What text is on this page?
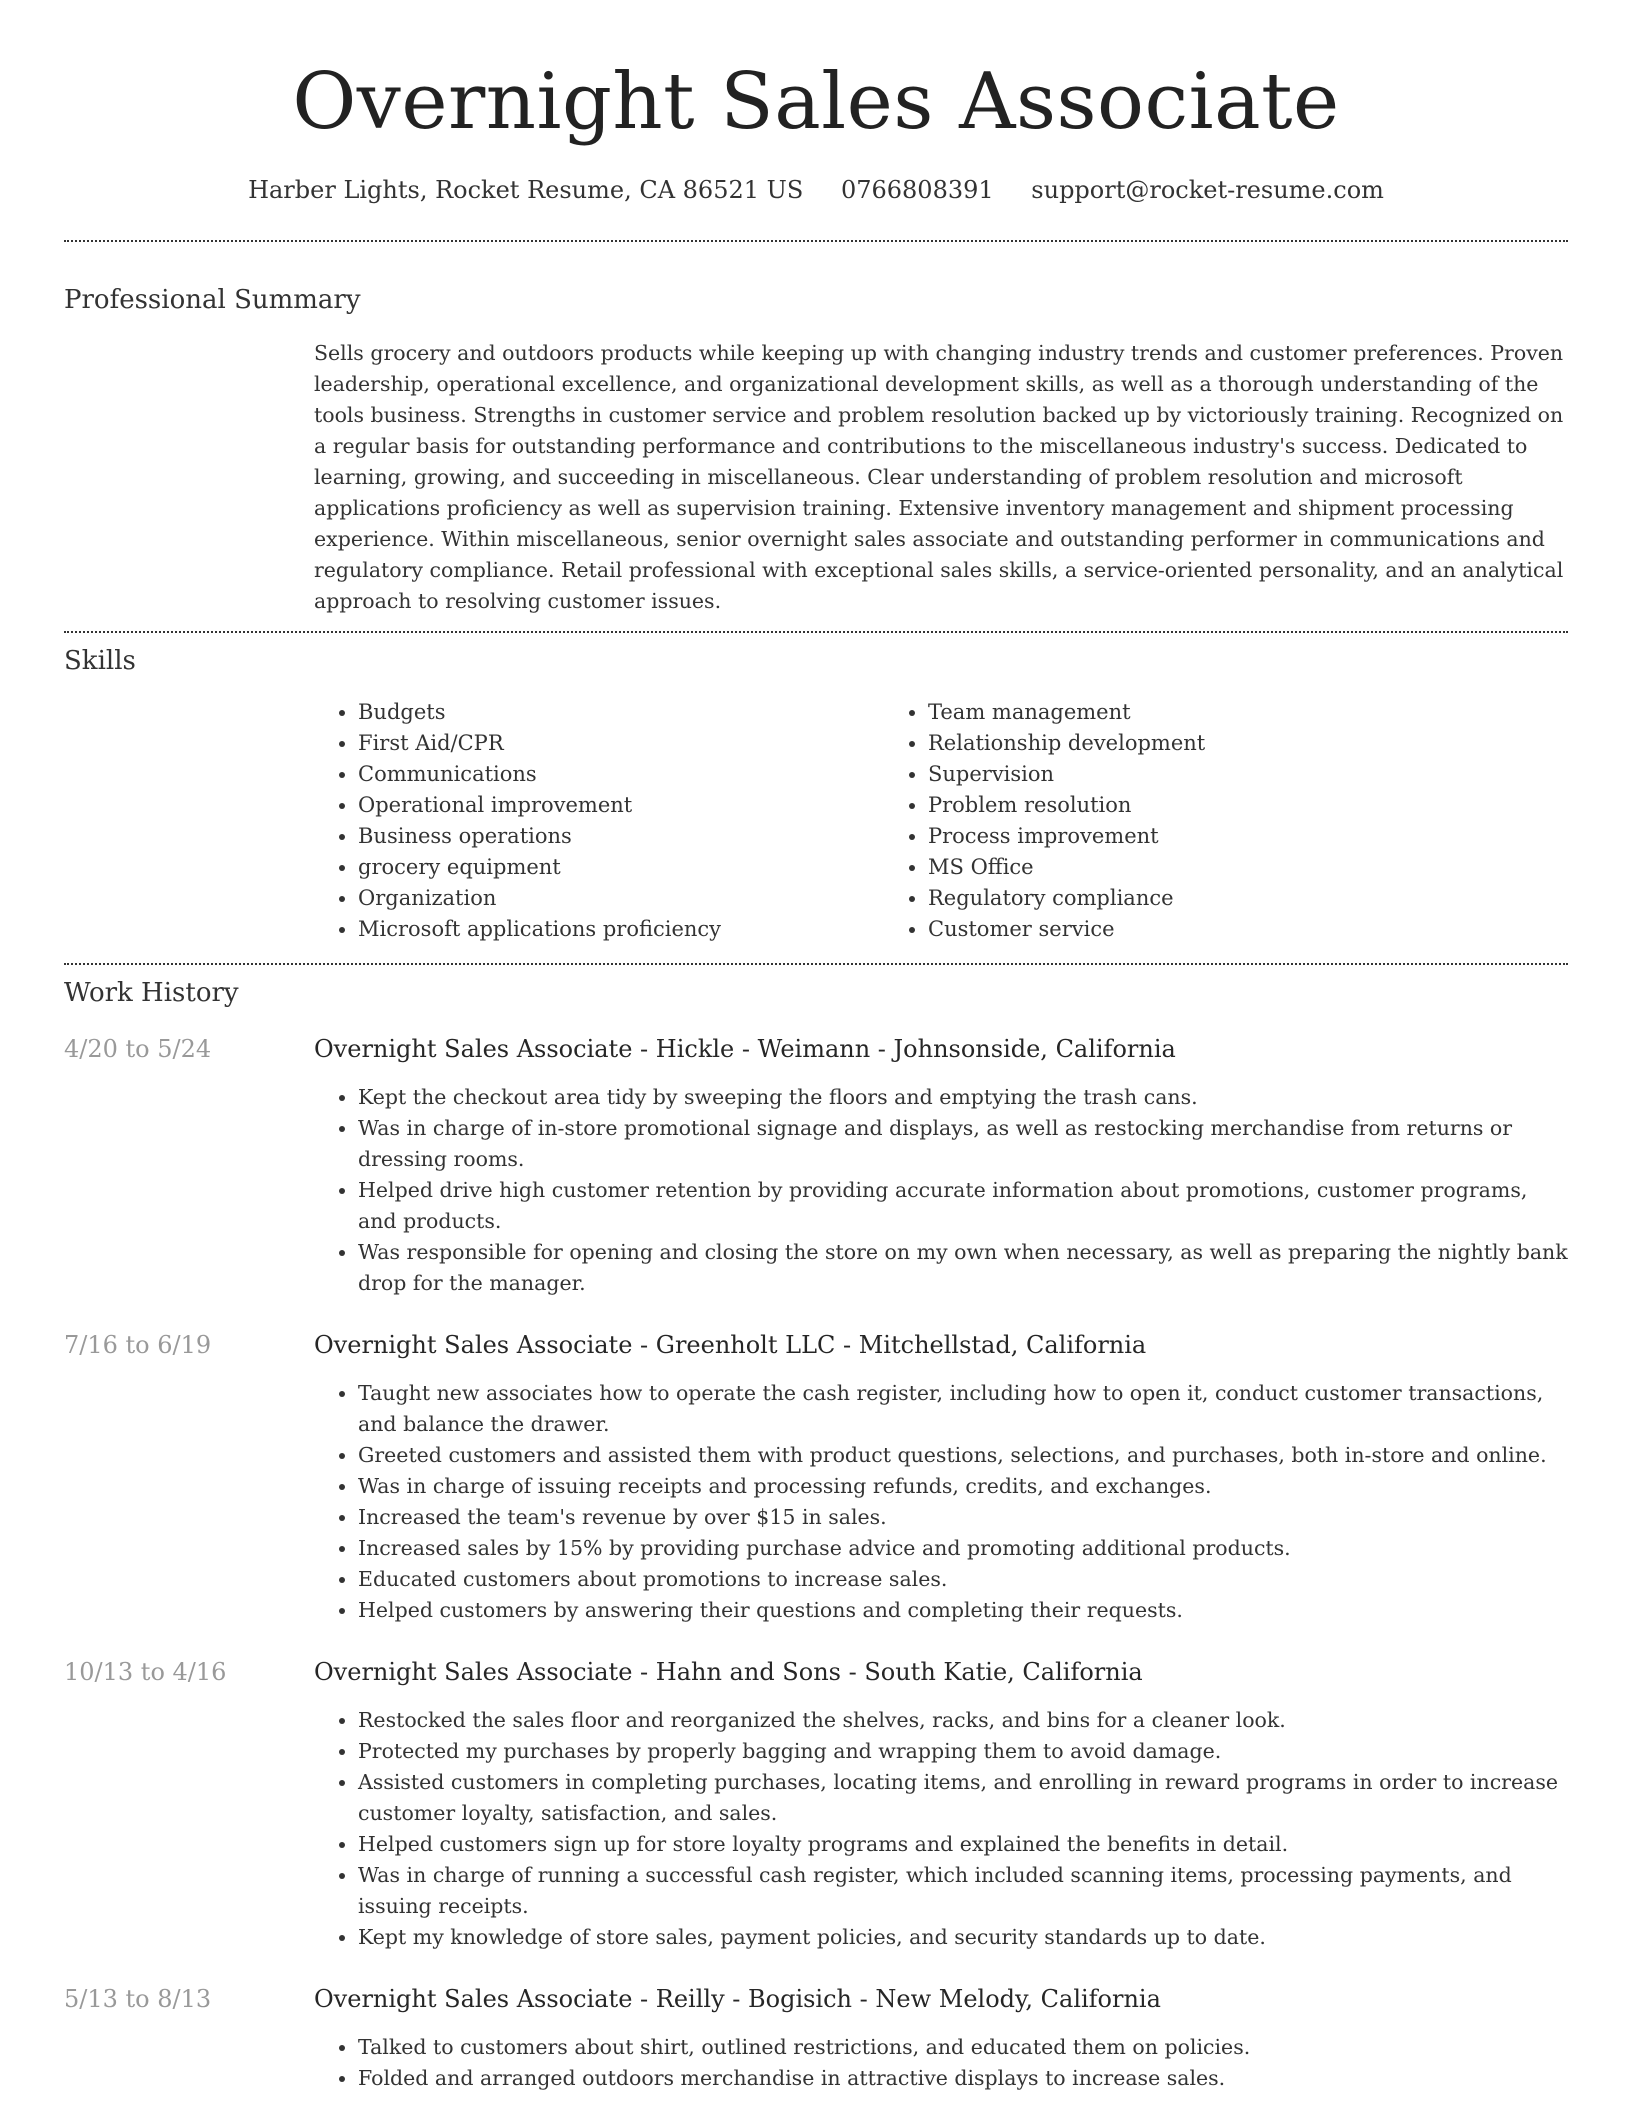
Overnight Sales Associate
Harber Lights, Rocket Resume, CA 86521 US 0766808391 support@rocket-resume.com
Professional Summary

Sells grocery and outdoors products while keeping up with changing industry trends and customer preferences. Proven leadership, operational excellence, and organizational development skills, as well as a thorough understanding of the tools business. Strengths in customer service and problem resolution backed up by victoriously training. Recognized on a regular basis for outstanding performance and contributions to the miscellaneous industry's success. Dedicated to learning, growing, and succeeding in miscellaneous. Clear understanding of problem resolution and microsoft applications proficiency as well as supervision training. Extensive inventory management and shipment processing experience. Within miscellaneous, senior overnight sales associate and outstanding performer in communications and regulatory compliance. Retail professional with exceptional sales skills, a service-oriented personality, and an analytical approach to resolving customer issues.

Skills
• Budgets
• First Aid/CPR
• Communications
• Operational improvement
• Business operations
• grocery equipment
• Organization
• Microsoft applications proficiency
• Team management
• Relationship development
• Supervision
• Problem resolution
• Process improvement
• MS Office
• Regulatory compliance
• Customer service
Work History
4/20 to 5/24	Overnight Sales Associate - Hickle - Weimann - Johnsonside, California
• Kept the checkout area tidy by sweeping the floors and emptying the trash cans.
• Was in charge of in-store promotional signage and displays, as well as restocking merchandise from returns or dressing rooms.
• Helped drive high customer retention by providing accurate information about promotions, customer programs, and products.
• Was responsible for opening and closing the store on my own when necessary, as well as preparing the nightly bank drop for the manager.
7/16 to 6/19	Overnight Sales Associate - Greenholt LLC - Mitchellstad, California
• Taught new associates how to operate the cash register, including how to open it, conduct customer transactions, and balance the drawer.
• Greeted customers and assisted them with product questions, selections, and purchases, both in-store and online.
• Was in charge of issuing receipts and processing refunds, credits, and exchanges.
• Increased the team's revenue by over $15 in sales.
• Increased sales by 15% by providing purchase advice and promoting additional products.
• Educated customers about promotions to increase sales.
• Helped customers by answering their questions and completing their requests.
10/13 to 4/16	Overnight Sales Associate - Hahn and Sons - South Katie, California
• Restocked the sales floor and reorganized the shelves, racks, and bins for a cleaner look.
• Protected my purchases by properly bagging and wrapping them to avoid damage.
• Assisted customers in completing purchases, locating items, and enrolling in reward programs in order to increase customer loyalty, satisfaction, and sales.
• Helped customers sign up for store loyalty programs and explained the benefits in detail.
• Was in charge of running a successful cash register, which included scanning items, processing payments, and issuing receipts.
• Kept my knowledge of store sales, payment policies, and security standards up to date.
5/13 to 8/13	Overnight Sales Associate - Reilly - Bogisich - New Melody, California
• Talked to customers about shirt, outlined restrictions, and educated them on policies.
• Folded and arranged outdoors merchandise in attractive displays to increase sales.
